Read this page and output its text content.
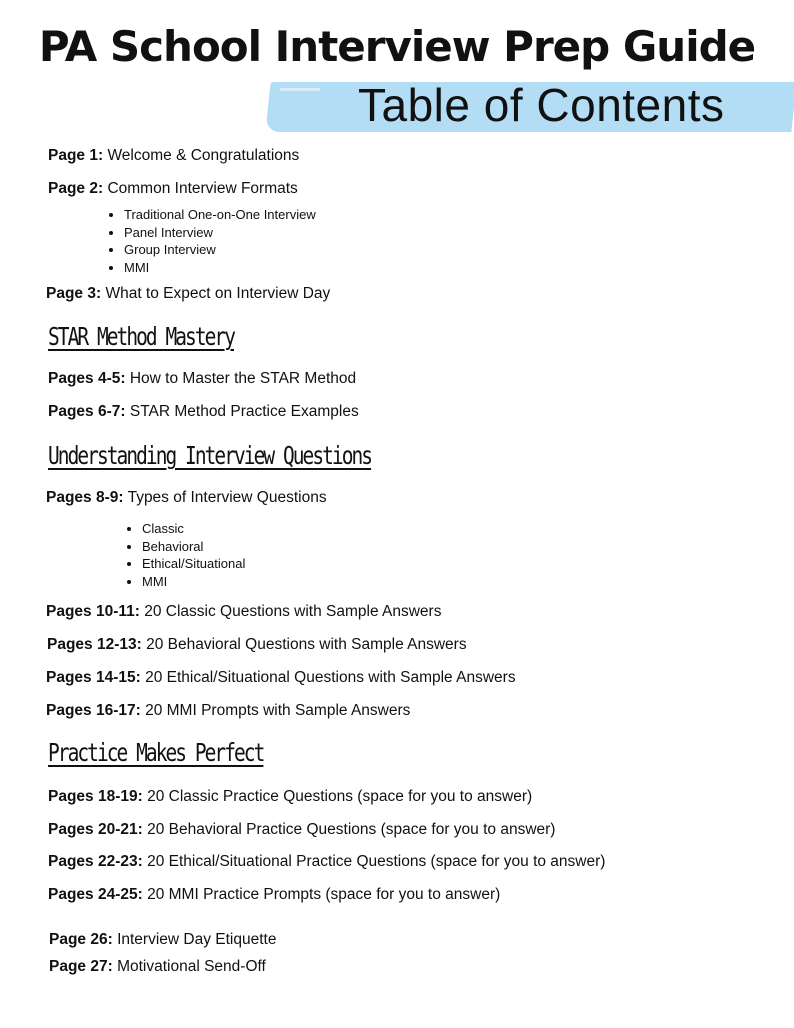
PA School Interview Prep Guide
Table of Contents
Page 1: Welcome & Congratulations
Page 2: Common Interview Formats
• Traditional One-on-One Interview
• Panel Interview
• Group Interview
• MMI
Page 3: What to Expect on Interview Day
STAR Method Mastery
Pages 4-5: How to Master the STAR Method
Pages 6-7: STAR Method Practice Examples
Understanding Interview Questions
Pages 8-9: Types of Interview Questions
• Classic
• Behavioral
• Ethical/Situational
• MMI
Pages 10-11: 20 Classic Questions with Sample Answers
Pages 12-13: 20 Behavioral Questions with Sample Answers
Pages 14-15: 20 Ethical/Situational Questions with Sample Answers
Pages 16-17: 20 MMI Prompts with Sample Answers
Practice Makes Perfect
Pages 18-19: 20 Classic Practice Questions (space for you to answer)
Pages 20-21: 20 Behavioral Practice Questions (space for you to answer)
Pages 22-23: 20 Ethical/Situational Practice Questions (space for you to answer)
Pages 24-25: 20 MMI Practice Prompts (space for you to answer)
Page 26: Interview Day Etiquette
Page 27: Motivational Send-Off
